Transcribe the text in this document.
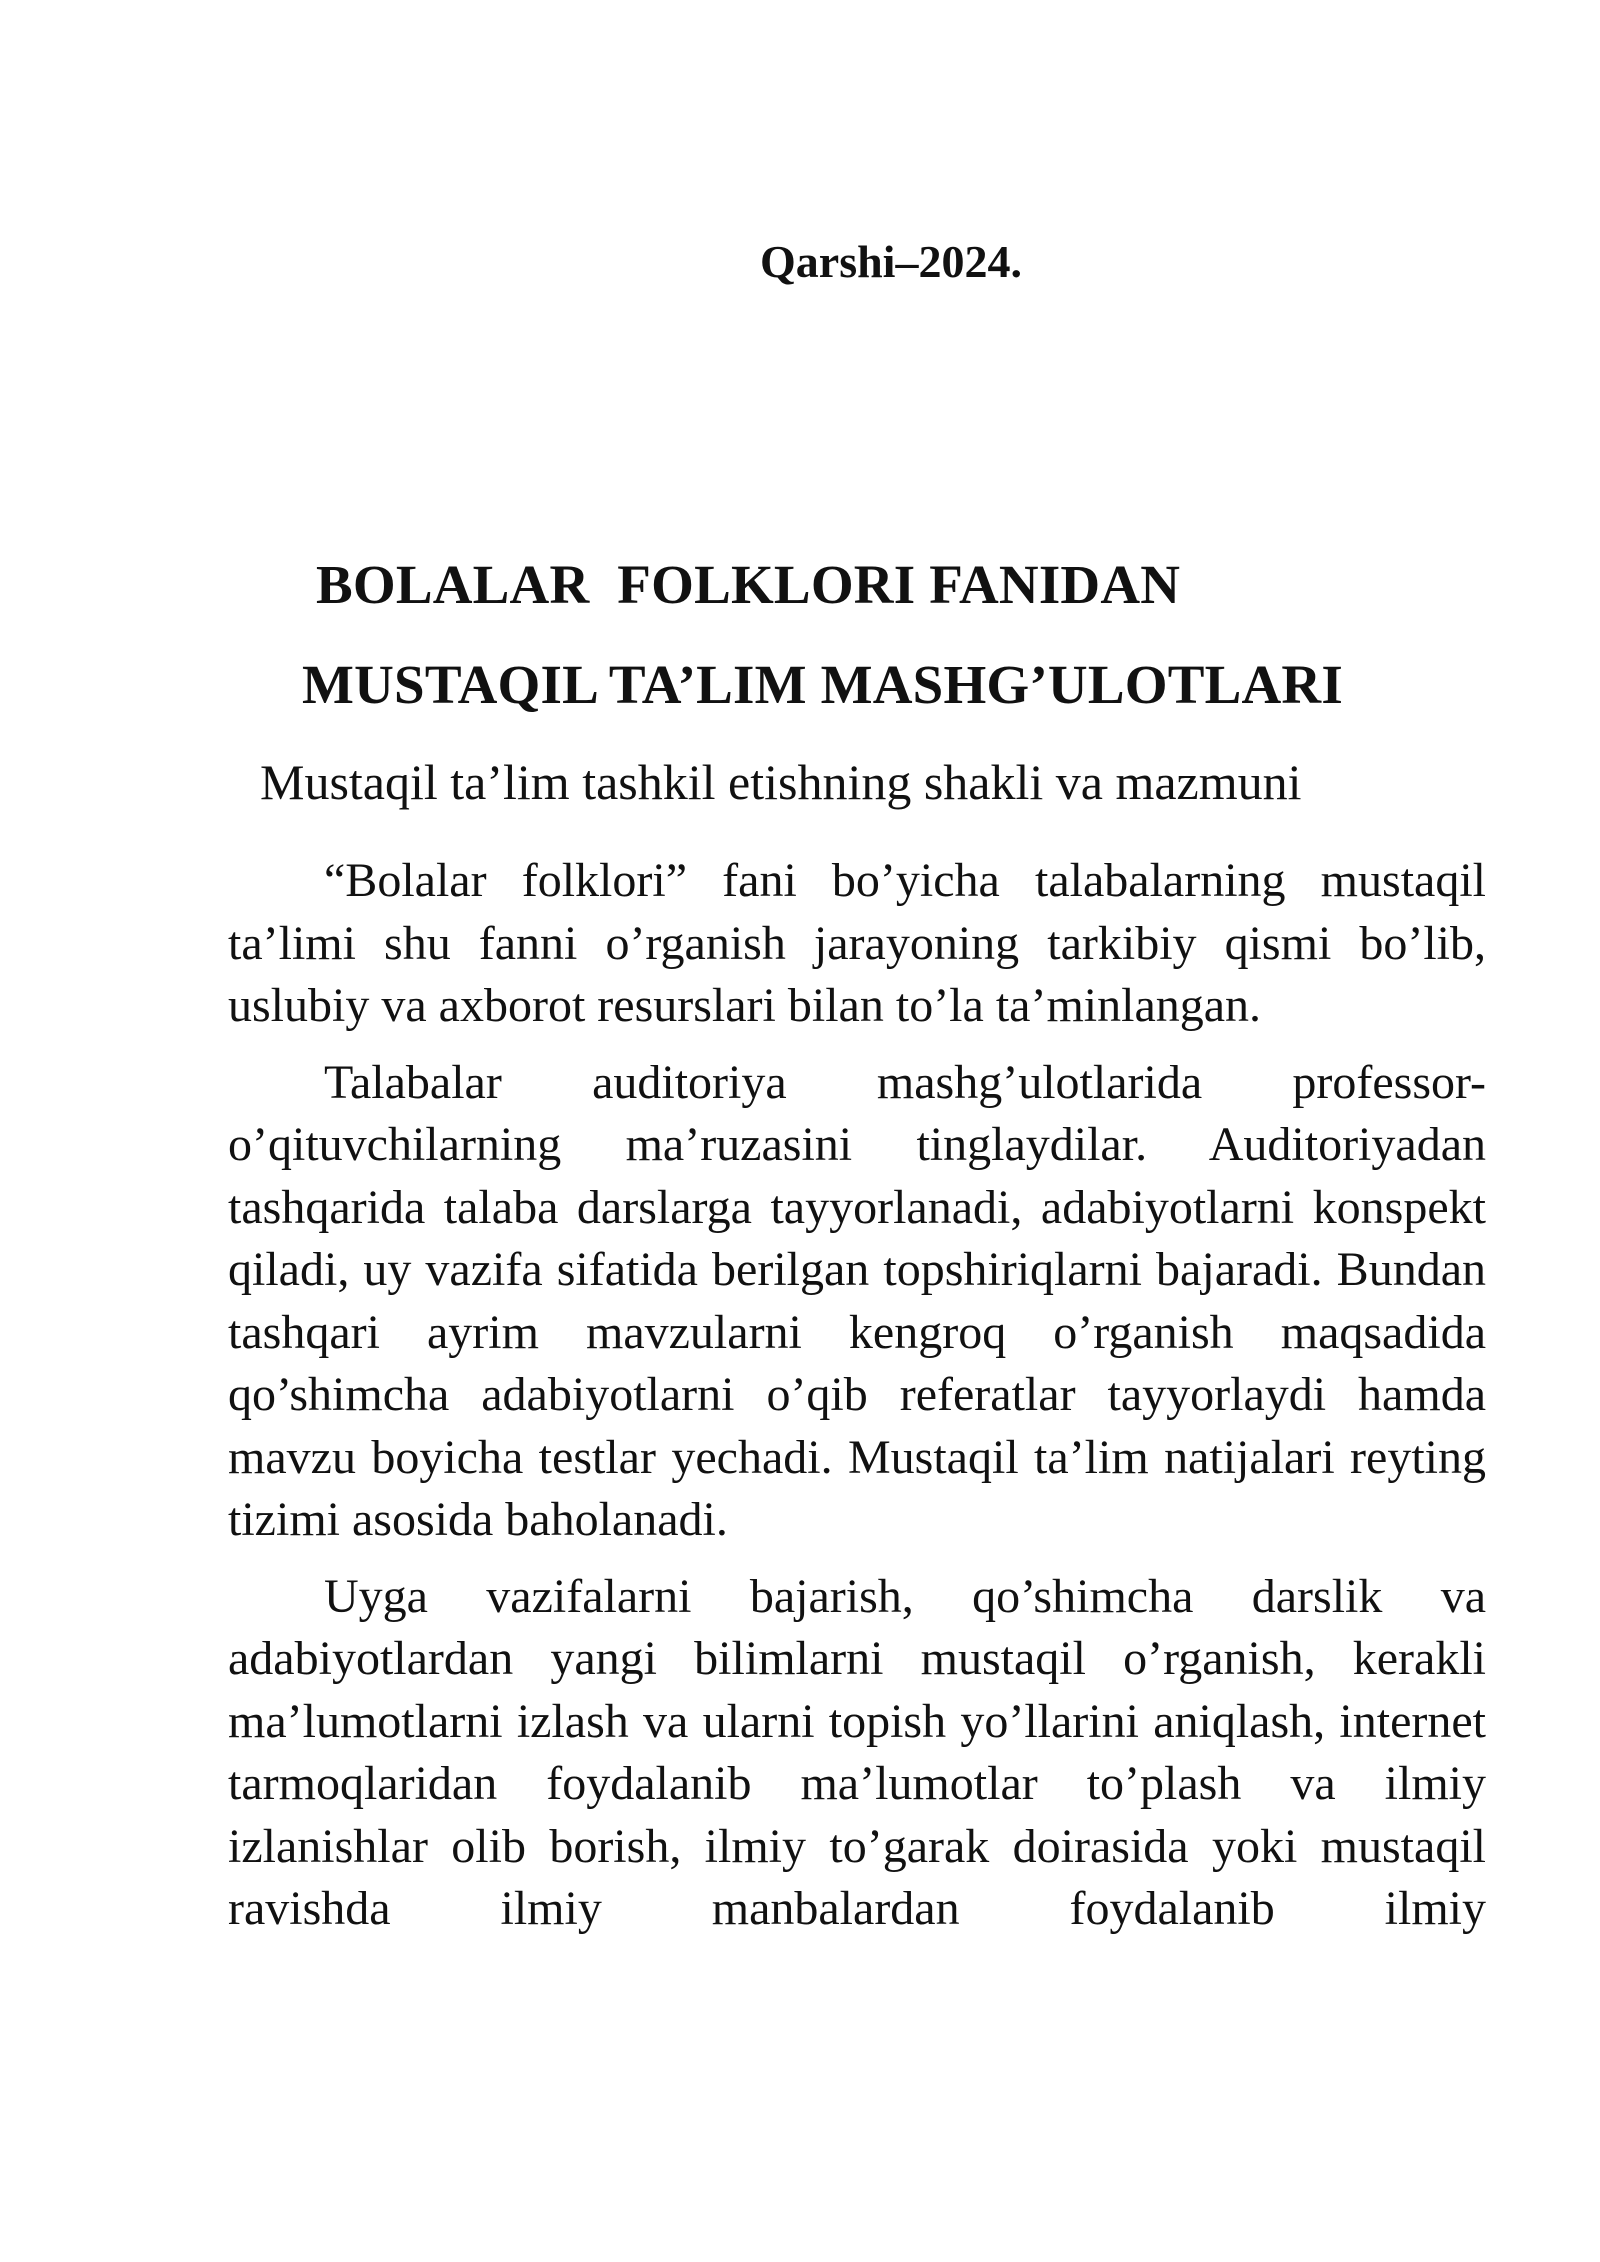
Qarshi–2024.
BOLALAR  FOLKLORI FANIDAN
MUSTAQIL TA’LIM MASHG’ULOTLARI
Mustaqil ta’lim tashkil etishning shakli va mazmuni

“Bolalar folklori” fani bo’yicha talabalarning mustaqil ta’limi shu fanni o’rganish jarayoning tarkibiy qismi bo’lib, uslubiy va axborot resurslari bilan to’la ta’minlangan.

Talabalar auditoriya mashg’ulotlarida professor-o’qituvchilarning ma’ruzasini tinglaydilar. Auditoriyadan tashqarida talaba darslarga tayyorlanadi, adabiyotlarni konspekt qiladi, uy vazifa sifatida berilgan topshiriqlarni bajaradi. Bundan tashqari ayrim mavzularni kengroq o’rganish maqsadida qo’shimcha adabiyotlarni o’qib referatlar tayyorlaydi hamda mavzu boyicha testlar yechadi. Mustaqil ta’lim natijalari reyting tizimi asosida baholanadi.

Uyga vazifalarni bajarish, qo’shimcha darslik va adabiyotlardan yangi bilimlarni mustaqil o’rganish, kerakli ma’lumotlarni izlash va ularni topish yo’llarini aniqlash, internet tarmoqlaridan foydalanib ma’lumotlar to’plash va ilmiy izlanishlar olib borish, ilmiy to’garak doirasida yoki mustaqil ravishda ilmiy manbalardan foydalanib ilmiy
